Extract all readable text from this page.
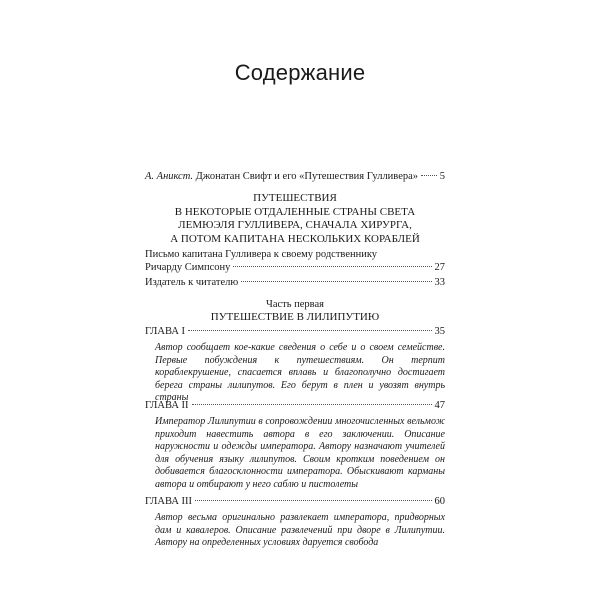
Содержание
А. Аникст. Джонатан Свифт и его «Путешествия Гулливера» 5
ПУТЕШЕСТВИЯ
В НЕКОТОРЫЕ ОТДАЛЕННЫЕ СТРАНЫ СВЕТА
ЛЕМЮЭЛЯ ГУЛЛИВЕРА, СНАЧАЛА ХИРУРГА,
А ПОТОМ КАПИТАНА НЕСКОЛЬКИХ КОРАБЛЕЙ
Письмо капитана Гулливера к своему родственнику
Ричарду Симпсону	27
Издатель к читателю	33
Часть первая
ПУТЕШЕСТВИЕ В ЛИЛИПУТИЮ
ГЛАВА I	35
Автор сообщает кое-какие сведения о себе и о своем семействе. Первые побуждения к путешествиям. Он терпит кораблекрушение, спасается вплавь и благополучно достигает берега страны лилипутов. Его берут в плен и увозят внутрь страны
ГЛАВА II	47
Император Лилипутии в сопровождении многочисленных вельмож приходит навестить автора в его заключении. Описание наружности и одежды императора. Автору назначают учителей для обучения языку лилипутов. Своим кротким поведением он добивается благосклонности императора. Обыскивают карманы автора и отбирают у него саблю и пистолеты
ГЛАВА III	60
Автор весьма оригинально развлекает императора, придворных дам и кавалеров. Описание развлечений при дворе в Лилипутии. Автору на определенных условиях даруется свобода
